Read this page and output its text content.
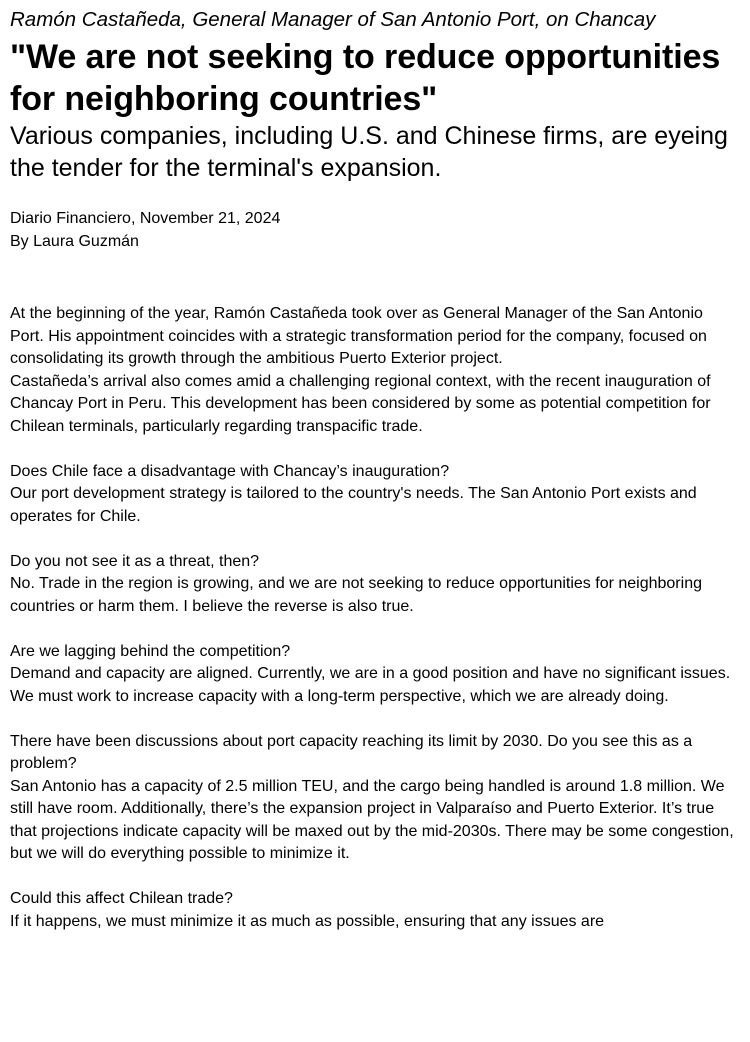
Ramón Castañeda, General Manager of San Antonio Port, on Chancay

"We are not seeking to reduce opportunities for neighboring countries"

Various companies, including U.S. and Chinese firms, are eyeing the tender for the terminal's expansion.

Diario Financiero, November 21, 2024
By Laura Guzmán

At the beginning of the year, Ramón Castañeda took over as General Manager of the San Antonio Port. His appointment coincides with a strategic transformation period for the company, focused on consolidating its growth through the ambitious Puerto Exterior project.

Castañeda’s arrival also comes amid a challenging regional context, with the recent inauguration of Chancay Port in Peru. This development has been considered by some as potential competition for Chilean terminals, particularly regarding transpacific trade.

Does Chile face a disadvantage with Chancay’s inauguration?

Our port development strategy is tailored to the country's needs. The San Antonio Port exists and operates for Chile.

Do you not see it as a threat, then?

No. Trade in the region is growing, and we are not seeking to reduce opportunities for neighboring countries or harm them. I believe the reverse is also true.

Are we lagging behind the competition?

Demand and capacity are aligned. Currently, we are in a good position and have no significant issues. We must work to increase capacity with a long-term perspective, which we are already doing.

There have been discussions about port capacity reaching its limit by 2030. Do you see this as a problem?

San Antonio has a capacity of 2.5 million TEU, and the cargo being handled is around 1.8 million. We still have room. Additionally, there’s the expansion project in Valparaíso and Puerto Exterior. It’s true that projections indicate capacity will be maxed out by the mid-2030s. There may be some congestion, but we will do everything possible to minimize it.

Could this affect Chilean trade?

If it happens, we must minimize it as much as possible, ensuring that any issues are
